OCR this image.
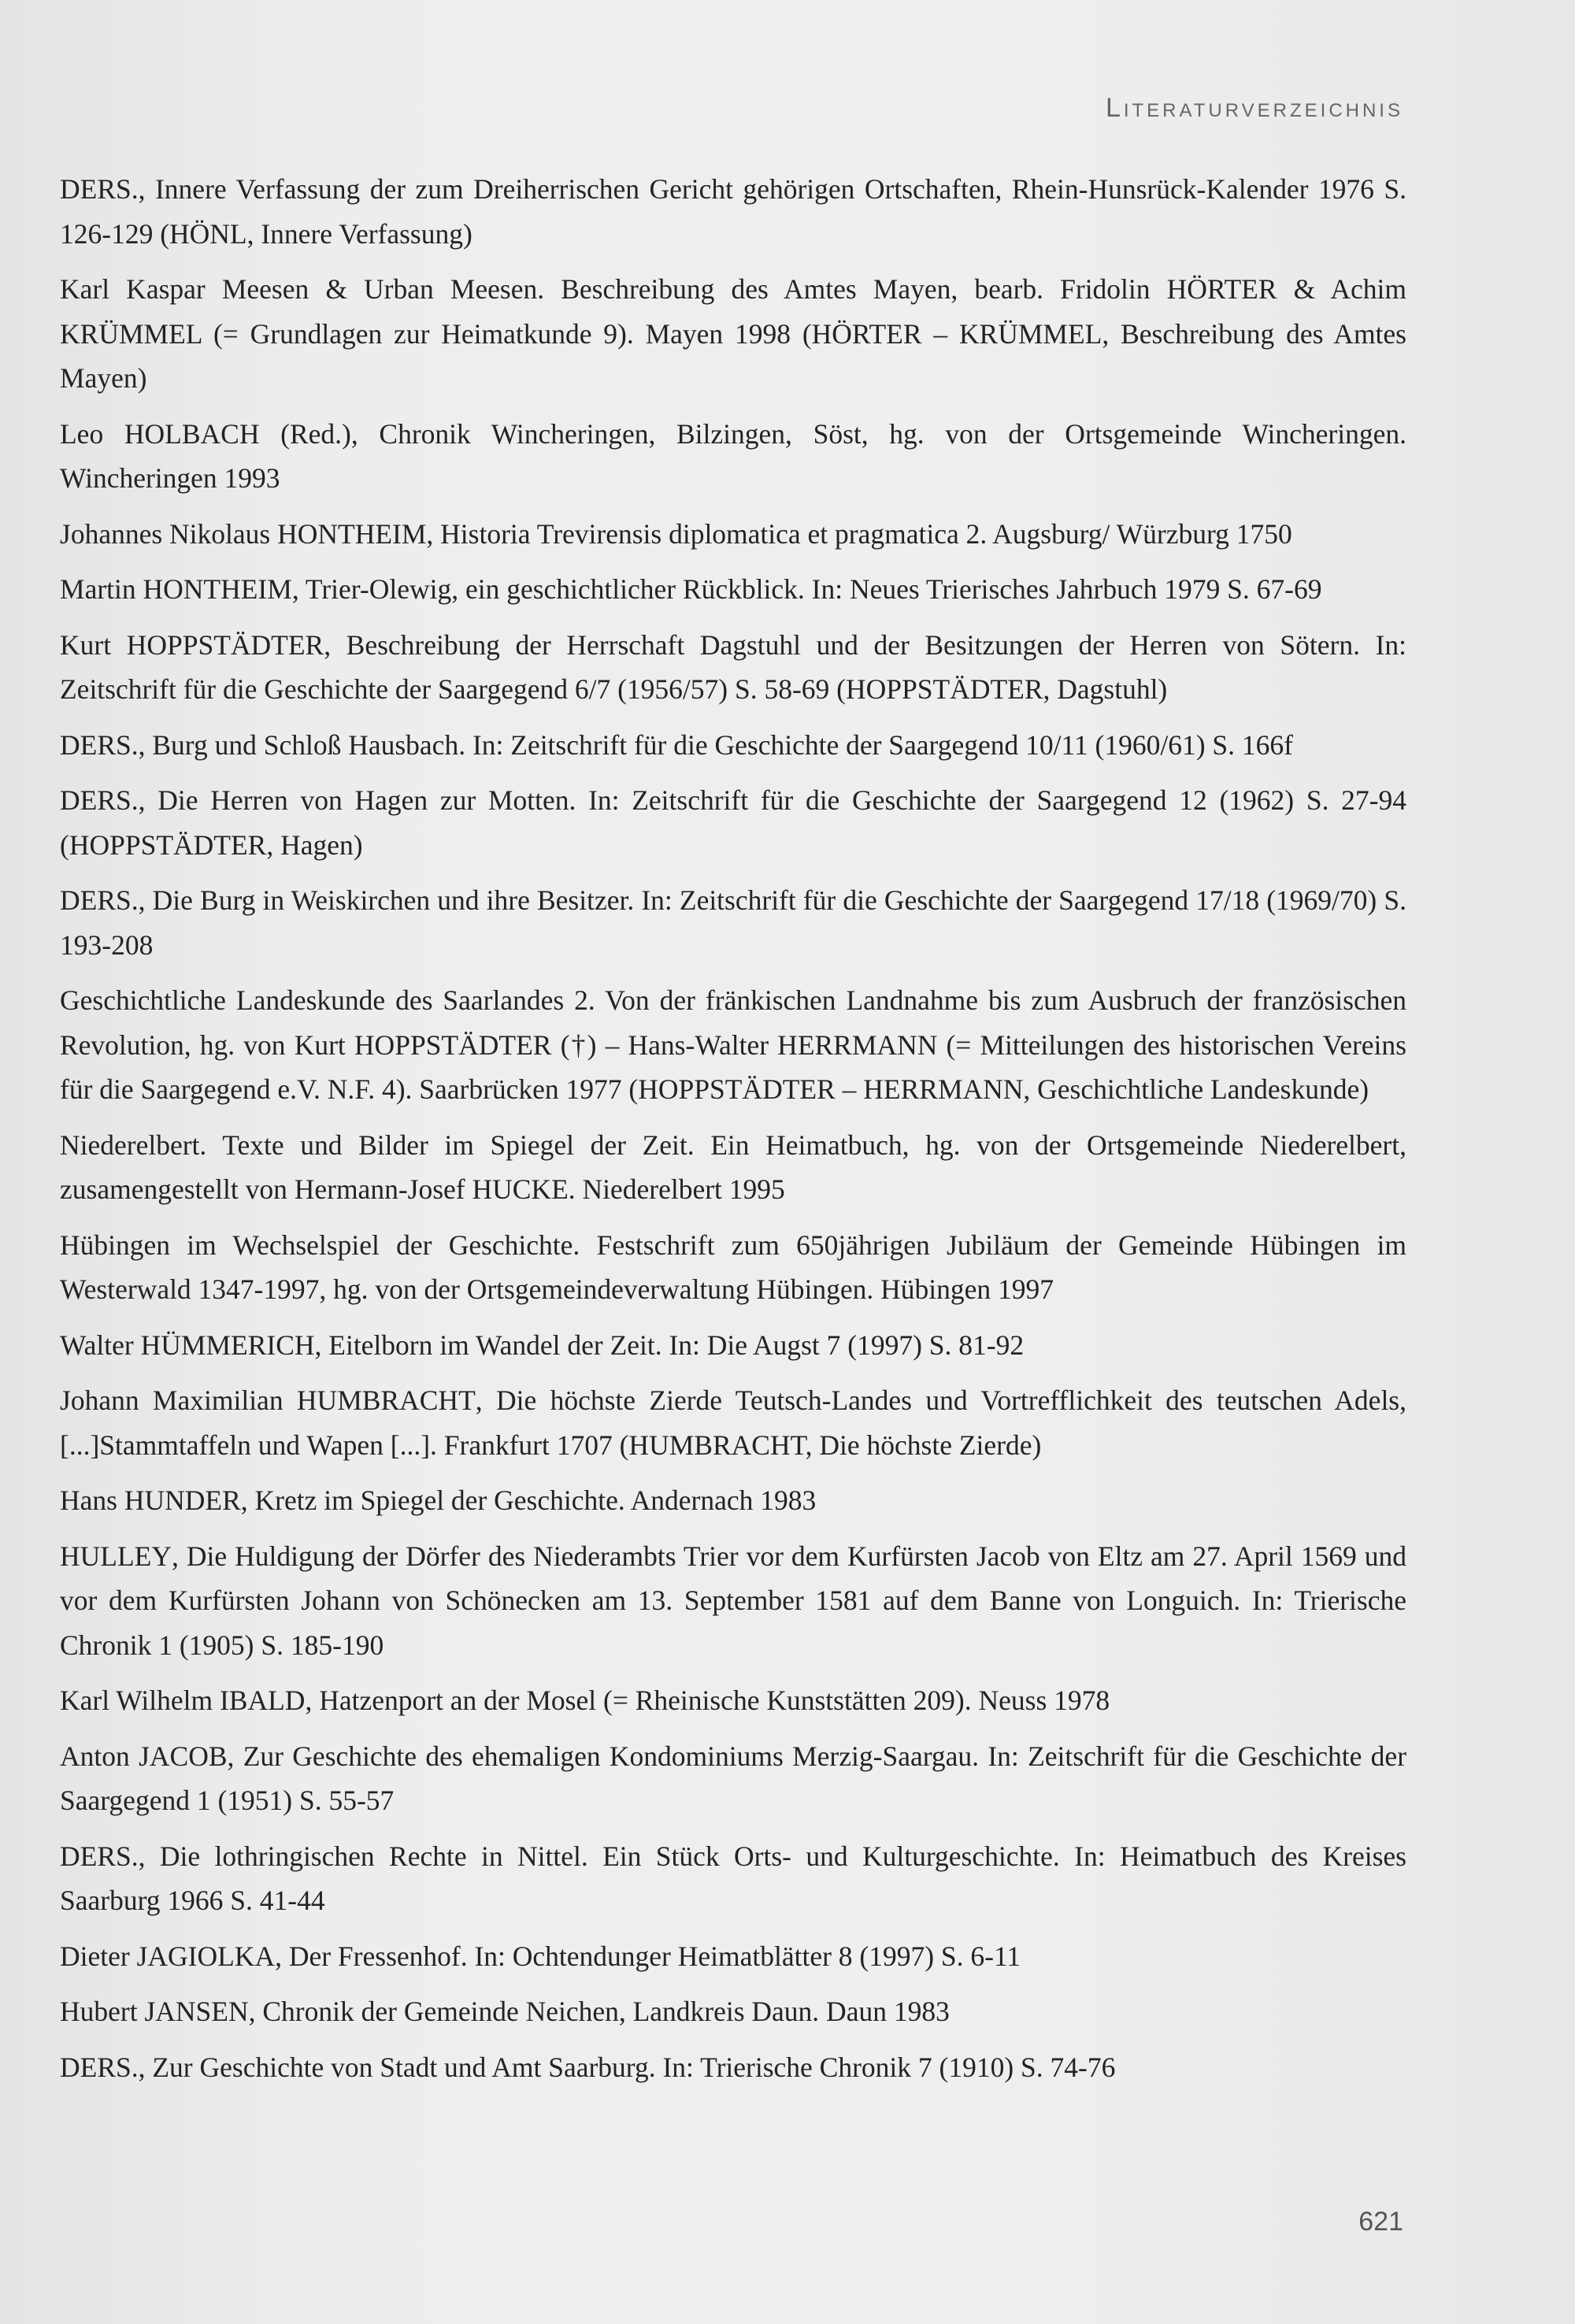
Literaturverzeichnis

DERS., Innere Verfassung der zum Dreiherrischen Gericht gehörigen Ortschaften, Rhein-Hunsrück-Kalender 1976 S. 126-129 (HÖNL, Innere Verfassung)

Karl Kaspar Meesen & Urban Meesen. Beschreibung des Amtes Mayen, bearb. Fridolin HÖRTER & Achim KRÜMMEL (= Grundlagen zur Heimatkunde 9). Mayen 1998 (HÖRTER – KRÜMMEL, Beschreibung des Amtes Mayen)

Leo HOLBACH (Red.), Chronik Wincheringen, Bilzingen, Söst, hg. von der Ortsgemeinde Wincheringen. Wincheringen 1993

Johannes Nikolaus HONTHEIM, Historia Trevirensis diplomatica et pragmatica 2. Augsburg/ Würzburg 1750

Martin HONTHEIM, Trier-Olewig, ein geschichtlicher Rückblick. In: Neues Trierisches Jahrbuch 1979 S. 67-69

Kurt HOPPSTÄDTER, Beschreibung der Herrschaft Dagstuhl und der Besitzungen der Herren von Sötern. In: Zeitschrift für die Geschichte der Saargegend 6/7 (1956/57) S. 58-69 (HOPPSTÄDTER, Dagstuhl)

DERS., Burg und Schloß Hausbach. In: Zeitschrift für die Geschichte der Saargegend 10/11 (1960/61) S. 166f

DERS., Die Herren von Hagen zur Motten. In: Zeitschrift für die Geschichte der Saargegend 12 (1962) S. 27-94 (HOPPSTÄDTER, Hagen)

DERS., Die Burg in Weiskirchen und ihre Besitzer. In: Zeitschrift für die Geschichte der Saargegend 17/18 (1969/70) S. 193-208

Geschichtliche Landeskunde des Saarlandes 2. Von der fränkischen Landnahme bis zum Ausbruch der französischen Revolution, hg. von Kurt HOPPSTÄDTER (†) – Hans-Walter HERRMANN (= Mitteilungen des historischen Vereins für die Saargegend e.V. N.F. 4). Saarbrücken 1977 (HOPPSTÄDTER – HERRMANN, Geschichtliche Landeskunde)

Niederelbert. Texte und Bilder im Spiegel der Zeit. Ein Heimatbuch, hg. von der Ortsgemeinde Niederelbert, zusamengestellt von Hermann-Josef HUCKE. Niederelbert 1995

Hübingen im Wechselspiel der Geschichte. Festschrift zum 650jährigen Jubiläum der Gemeinde Hübingen im Westerwald 1347-1997, hg. von der Ortsgemeindeverwaltung Hübingen. Hübingen 1997

Walter HÜMMERICH, Eitelborn im Wandel der Zeit. In: Die Augst 7 (1997) S. 81-92

Johann Maximilian HUMBRACHT, Die höchste Zierde Teutsch-Landes und Vortrefflichkeit des teutschen Adels, [...]Stammtaffeln und Wapen [...]. Frankfurt 1707 (HUMBRACHT, Die höchste Zierde)

Hans HUNDER, Kretz im Spiegel der Geschichte. Andernach 1983

HULLEY, Die Huldigung der Dörfer des Niederambts Trier vor dem Kurfürsten Jacob von Eltz am 27. April 1569 und vor dem Kurfürsten Johann von Schönecken am 13. September 1581 auf dem Banne von Longuich. In: Trierische Chronik 1 (1905) S. 185-190

Karl Wilhelm IBALD, Hatzenport an der Mosel (= Rheinische Kunststätten 209). Neuss 1978

Anton JACOB, Zur Geschichte des ehemaligen Kondominiums Merzig-Saargau. In: Zeitschrift für die Geschichte der Saargegend 1 (1951) S. 55-57

DERS., Die lothringischen Rechte in Nittel. Ein Stück Orts- und Kulturgeschichte. In: Heimatbuch des Kreises Saarburg 1966 S. 41-44

Dieter JAGIOLKA, Der Fressenhof. In: Ochtendunger Heimatblätter 8 (1997) S. 6-11

Hubert JANSEN, Chronik der Gemeinde Neichen, Landkreis Daun. Daun 1983

DERS., Zur Geschichte von Stadt und Amt Saarburg. In: Trierische Chronik 7 (1910) S. 74-76

621
